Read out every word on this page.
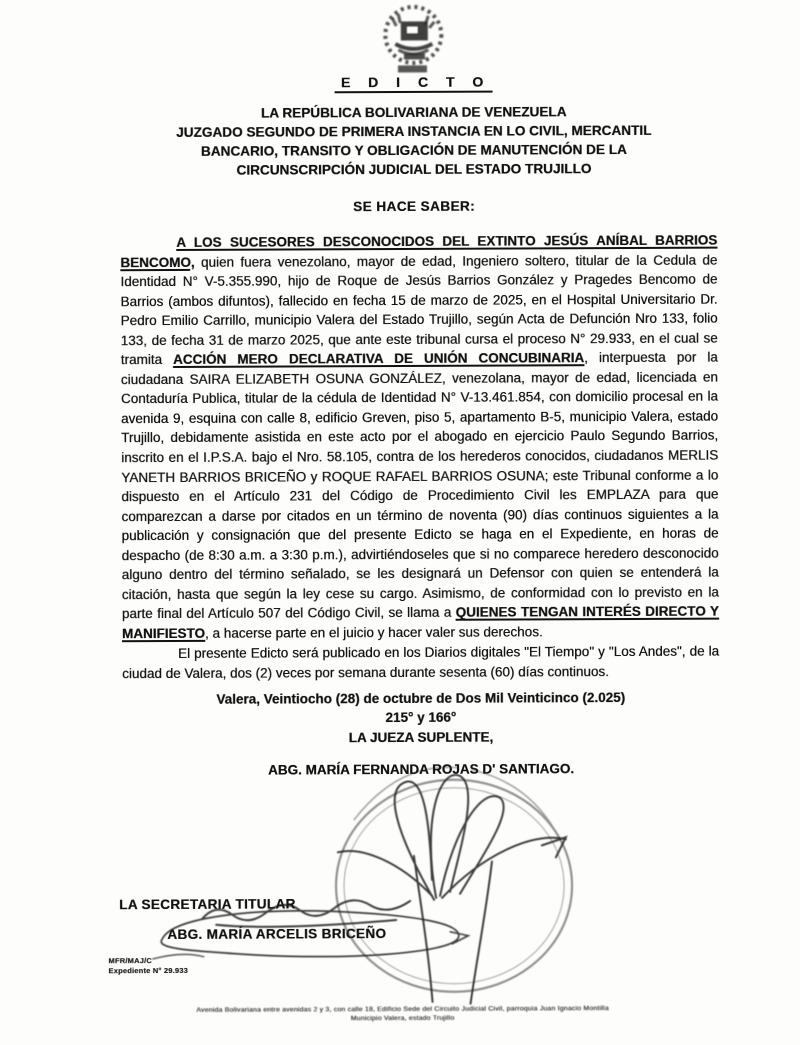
E D I C T O
LA REPÚBLICA BOLIVARIANA DE VENEZUELA
JUZGADO SEGUNDO DE PRIMERA INSTANCIA EN LO CIVIL, MERCANTIL
BANCARIO, TRANSITO Y OBLIGACIÓN DE MANUTENCIÓN DE LA
CIRCUNSCRIPCIÓN JUDICIAL DEL ESTADO TRUJILLO
SE HACE SABER:

A LOS SUCESORES DESCONOCIDOS DEL EXTINTO JESÚS ANÍBAL BARRIOS BENCOMO, quien fuera venezolano, mayor de edad, Ingeniero soltero, titular de la Cedula de Identidad N° V-5.355.990, hijo de Roque de Jesús Barrios González y Pragedes Bencomo de Barrios (ambos difuntos), fallecido en fecha 15 de marzo de 2025, en el Hospital Universitario Dr. Pedro Emilio Carrillo, municipio Valera del Estado Trujillo, según Acta de Defunción Nro 133, folio 133, de fecha 31 de marzo 2025, que ante este tribunal cursa el proceso N° 29.933, en el cual se tramita ACCIÓN MERO DECLARATIVA DE UNIÓN CONCUBINARIA, interpuesta por la ciudadana SAIRA ELIZABETH OSUNA GONZÁLEZ, venezolana, mayor de edad, licenciada en Contaduría Publica, titular de la cédula de Identidad N° V-13.461.854, con domicilio procesal en la avenida 9, esquina con calle 8, edificio Greven, piso 5, apartamento B-5, municipio Valera, estado Trujillo, debidamente asistida en este acto por el abogado en ejercicio Paulo Segundo Barrios, inscrito en el I.P.S.A. bajo el Nro. 58.105, contra de los herederos conocidos, ciudadanos MERLIS YANETH BARRIOS BRICEÑO y ROQUE RAFAEL BARRIOS OSUNA; este Tribunal conforme a lo dispuesto en el Artículo 231 del Código de Procedimiento Civil les EMPLAZA para que comparezcan a darse por citados en un término de noventa (90) días continuos siguientes a la publicación y consignación que del presente Edicto se haga en el Expediente, en horas de despacho (de 8:30 a.m. a 3:30 p.m.), advirtiéndoseles que si no comparece heredero desconocido alguno dentro del término señalado, se les designará un Defensor con quien se entenderá la citación, hasta que según la ley cese su cargo. Asimismo, de conformidad con lo previsto en la parte final del Artículo 507 del Código Civil, se llama a QUIENES TENGAN INTERÉS DIRECTO Y MANIFIESTO, a hacerse parte en el juicio y hacer valer sus derechos.

El presente Edicto será publicado en los Diarios digitales "El Tiempo" y "Los Andes", de la ciudad de Valera, dos (2) veces por semana durante sesenta (60) días continuos.

Valera, Veintiocho (28) de octubre de Dos Mil Veinticinco (2.025)
215° y 166°
LA JUEZA SUPLENTE,
ABG. MARÍA FERNANDA ROJAS D' SANTIAGO.
LA SECRETARIA TITULAR
ABG. MARÍA ARCELIS BRICEÑO
MFR/MAJ/C
Expediente N° 29.933
Avenida Bolivariana entre avenidas 2 y 3, con calle 18, Edificio Sede del Circuito Judicial Civil, parroquia Juan Ignacio Montilla
Municipio Valera, estado Trujillo
